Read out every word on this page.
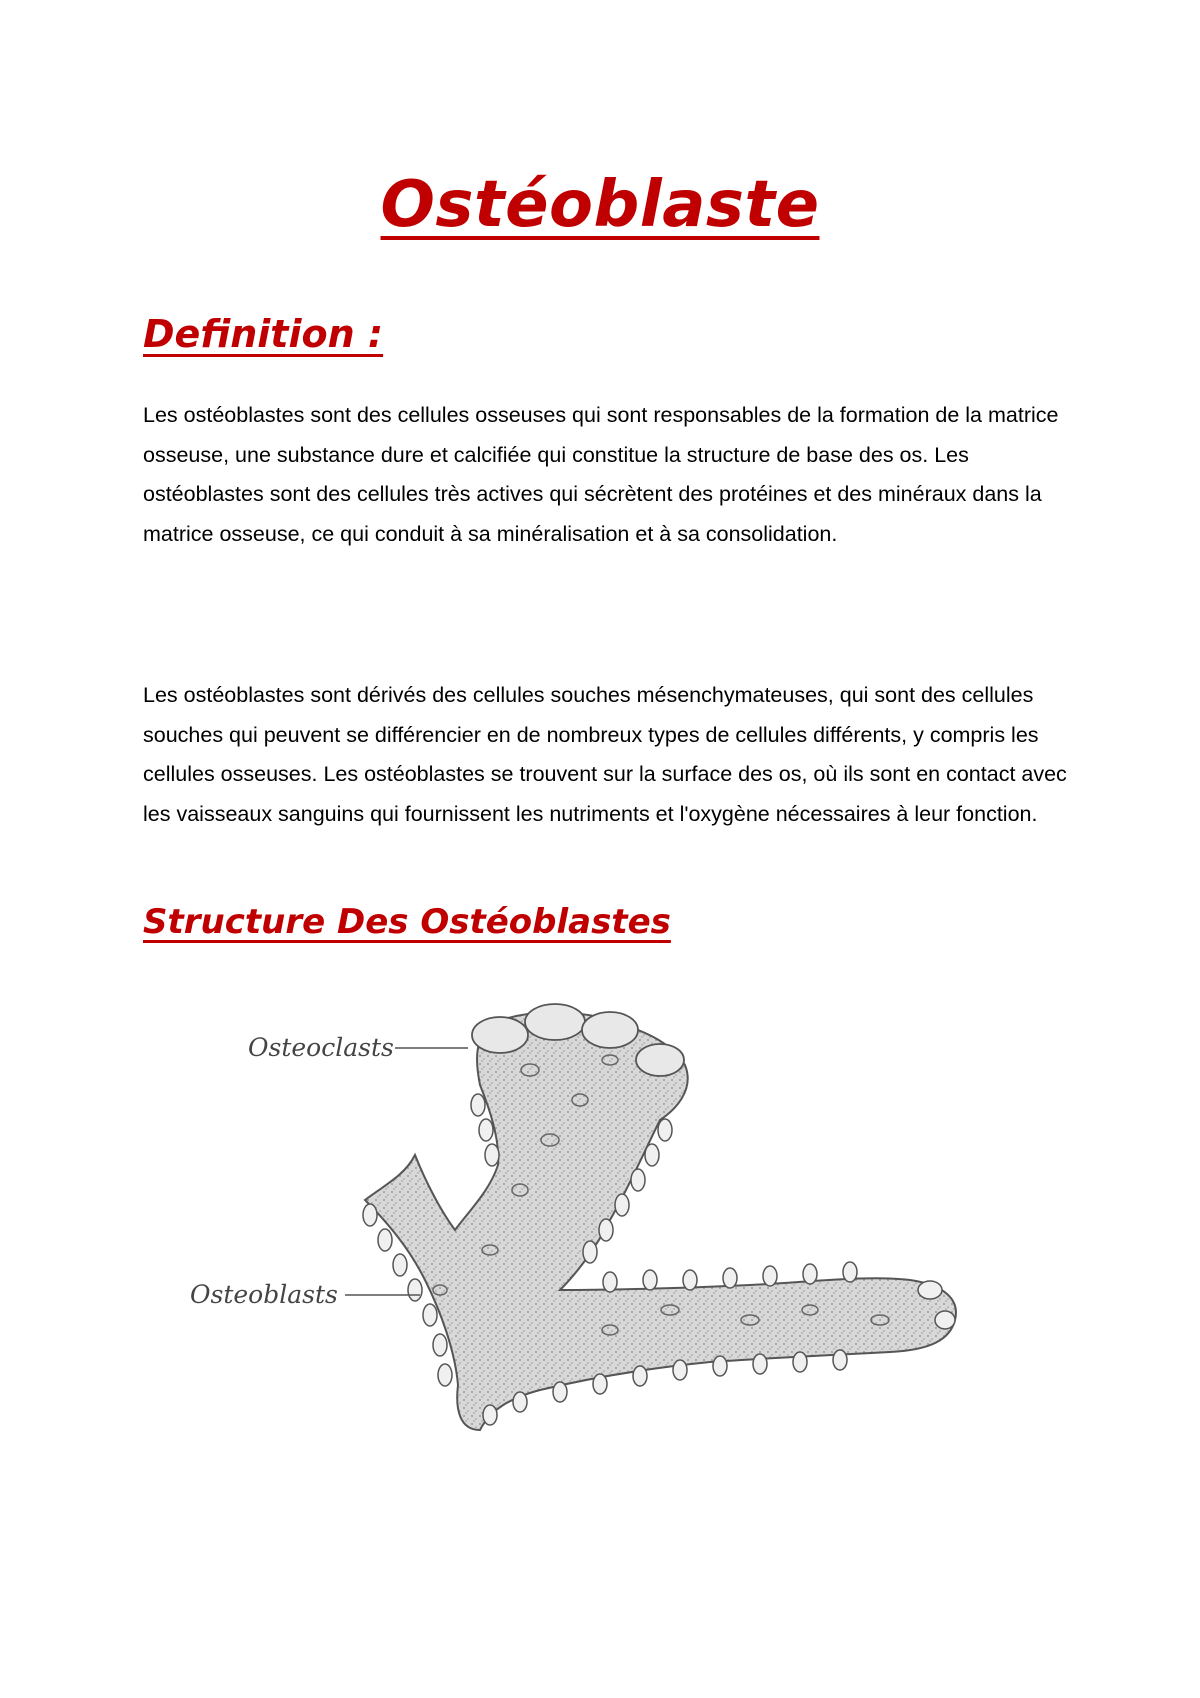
Ostéoblaste
Definition :

Les ostéoblastes sont des cellules osseuses qui sont responsables de la formation de la matrice osseuse, une substance dure et calcifiée qui constitue la structure de base des os. Les ostéoblastes sont des cellules très actives qui sécrètent des protéines et des minéraux dans la matrice osseuse, ce qui conduit à sa minéralisation et à sa consolidation.

Les ostéoblastes sont dérivés des cellules souches mésenchymateuses, qui sont des cellules souches qui peuvent se différencier en de nombreux types de cellules différents, y compris les cellules osseuses. Les ostéoblastes se trouvent sur la surface des os, où ils sont en contact avec les vaisseaux sanguins qui fournissent les nutriments et l'oxygène nécessaires à leur fonction.

Structure Des Ostéoblastes
Osteoclasts
Osteoblasts
